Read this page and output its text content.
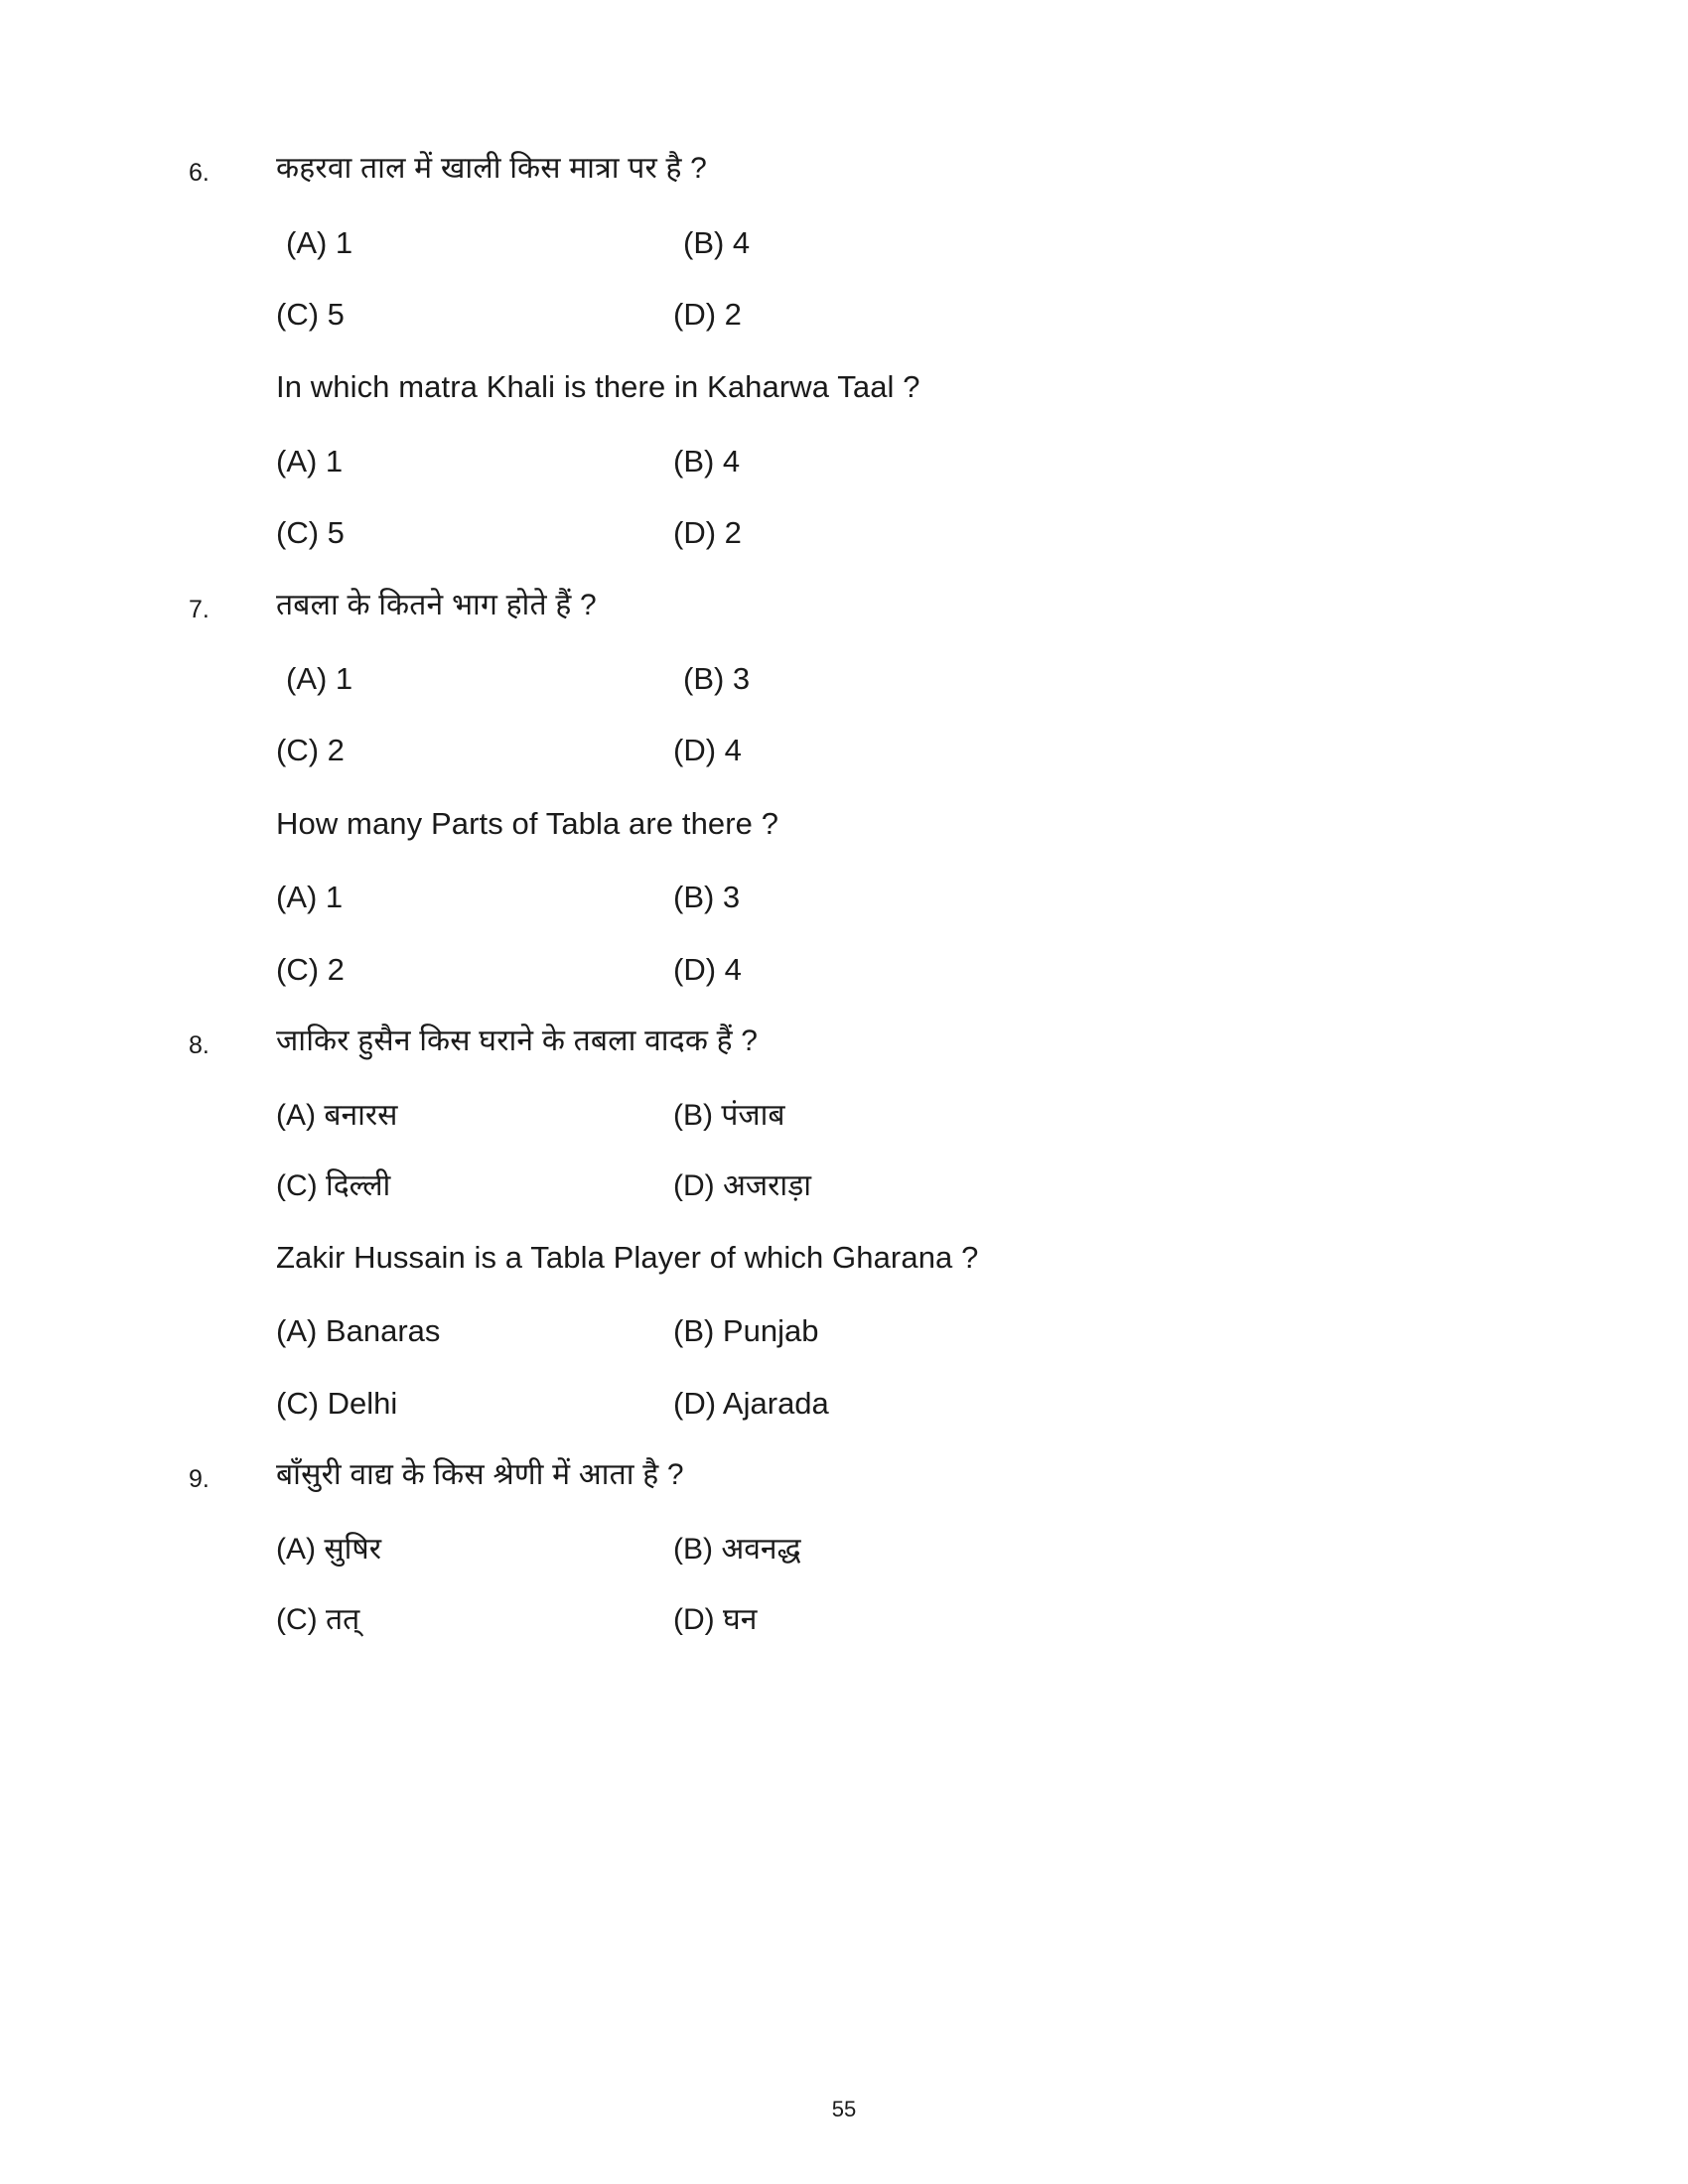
6.	कहरवा ताल में खाली किस मात्रा पर है ?
(A) 1	(B) 4
(C) 5	(D) 2
In which matra Khali is there in Kaharwa Taal ?
(A) 1	(B) 4
(C) 5	(D) 2
7.	तबला के कितने भाग होते हैं ?
(A) 1	(B) 3
(C) 2	(D) 4
How many Parts of Tabla are there ?
(A) 1	(B) 3
(C) 2	(D) 4
8.	जाकिर हुसैन किस घराने के तबला वादक हैं ?
(A) बनारस	(B) पंजाब
(C) दिल्ली	(D) अजराड़ा
Zakir Hussain is a Tabla Player of which Gharana ?
(A) Banaras	(B) Punjab
(C) Delhi	(D) Ajarada
9.	बाँसुरी वाद्य के किस श्रेणी में आता है ?
(A) सुषिर	(B) अवनद्ध
(C) तत्	(D) घन
55
